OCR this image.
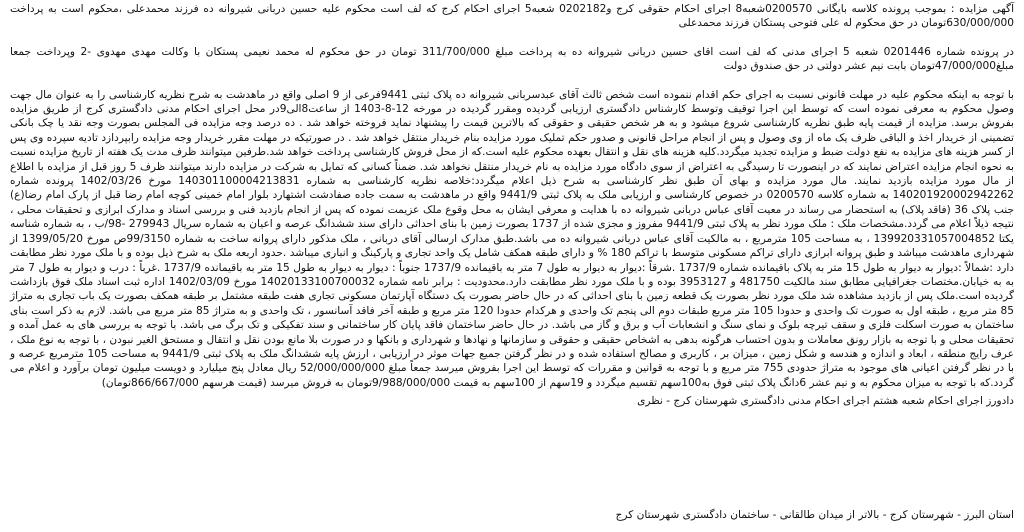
آگهی مزایده : بموجب پرونده کلاسه بایگانی 0200570شعبه8 اجرای احکام حقوقی کرج و0202182 شعبه5 اجرای احکام کرج که لف است محکوم علیه حسین دربانی شیروانه ده فرزند محمدعلی ،محکوم است به پرداخت 630/000/000تومان در حق محکوم له علی فتوحی پستکان فرزند محمدعلی

در پرونده شماره 0201446 شعبه 5 اجرای مدنی که لف است اقای حسین دربانی شیروانه ده به پرداخت مبلغ 311/700/000 تومان در حق محکوم له محمد نعیمی پستکان با وکالت مهدی مهدوی -2 وپرداخت جمعا مبلغ47/000/000تومان بابت نیم عشر دولتی در حق صندوق دولت

با توجه به اینکه محکوم علیه در مهلت قانونی نسبت به اجرای حکم اقدام ننموده است شخص ثالث آقای عبدسربانی شیروانه ده پلاک ثبتی 9441فرعی از 9 اصلی واقع در ماهدشت به شرح نظریه کارشناسی را به عنوان مال جهت وصول محکوم به معرفی نموده است که توسط این اجرا توقیف وتوسط کارشناس دادگستری ارزیابی گردیده ومقرر گردیده در مورخه 12-8-1403 از ساعت8الی9در محل اجرای احکام مدنی دادگستری کرج از طریق مزایده بفروش برسد. مزایده از قیمت پایه طبق نظریه کارشناسی شروع میشود و به هر شخص حقیقی و حقوقی که بالاترین قیمت را پیشنهاد نماید فروخته خواهد شد . ده درصد وجه مزایده فی المجلس بصورت وجه نقد یا چک بانکی تضمینی از خریدار اخذ و الباقی ظرف یک ماه از وی وصول و پس از انجام مراحل قانونی و صدور حکم تملیک مورد مزایده بنام خریدار منتقل خواهد شد . در صورتیکه در مهلت مقرر خریدار وجه مزایده رابپردازد تادیه سپرده وی پس از کسر هزینه های مزایده به نفع دولت ضبط و مزایده تجدید میگردد.کلیه هزینه های نقل و انتقال بعهده محکوم علیه است.که از محل فروش کارشناسی پرداخت خواهد شد.طرفین میتوانند ظرف مدت یک هفته از تاریخ مزایده نسبت به نحوه انجام مزایده اعتراض نمایند که در اینصورت تا رسیدگی به اعتراض از سوی دادگاه مورد مزایده به نام خریدار منتقل نخواهد شد. ضمناً کسانی که تمایل به شرکت در مزایده دارند میتوانند ظرف 5 روز قبل از مزایده با اطلاع از مال مورد مزایده بازدید نمایند. مال مورد مزایده و بهای آن طبق نظر کارشناسی به شرح ذیل اعلام میگردد:خلاصه نظریه کارشناسی به شماره 140301100004213831 مورخ 1402/03/26 پرونده شماره 140201920002942262 به شماره کلاسه 0200570 در خصوص کارشناسی و ارزیابی ملک به پلاک ثبتی 9441/9 واقع در ماهدشت به سمت جاده صفادشت اشتهارد بلوار امام خمینی کوچه امام رضا قبل از پارک امام رضا(ع) جنب پلاک 36 (فاقد پلاک) به استحضار می رساند در معیت آقای عباس دربانی شیروانه ده با هدایت و معرفی ایشان به محل وقوع ملک عزیمت نموده که پس از انجام بازدید فنی و بررسی اسناد و مدارک ابرازی و تحقیقات محلی ، نتیجه ذیلاً اعلام می گردد.مشخصات ملک : ملک مورد نظر به پلاک ثبتی 9441/9 مفروز و مجزی شده از 1737 بصورت زمین با بنای احداثی دارای سند ششدانگ عرصه و اعیان به شماره سریال 279943 -98/ب ، به شماره شناسه یکتا 139920331057004852 ، به مساحت 105 مترمربع ، به مالکیت آقای عباس دربانی شیروانه ده می باشد.طبق مدارک ارسالی آقای دربانی ، ملک مذکور دارای پروانه ساخت به شماره 99/3150ص مورخ 1399/05/20 از شهرداری ماهدشت میباشد و طبق پروانه ابرازی دارای تراکم مسکونی متوسط با تراکم 180 % و دارای طبقه همکف شامل یک واحد تجاری و پارکینگ و انباری میباشد .حدود اربعه ملک به شرح ذیل بوده و با ملک مورد نظر مطابقت دارد :شمالاً :دیوار به دیوار به طول 15 متر به پلاک باقیمانده شماره 1737/9 .شرقاً :دیوار به دیوار به طول 7 متر به باقیمانده 1737/9 جنوباً : دیوار به دیوار به طول 15 متر به باقیمانده 1737/9 .غرباً : درب و دیوار به طول 7 متر به به خیابان.مختصات جغرافیایی مطابق سند مالکیت 481750 و 3953127 بوده و با ملک مورد نظر مطابقت دارد.محدودیت : برابر نامه شماره 14020133100700032 مورخ 1402/03/09 اداره ثبت اسناد ملک فوق بازداشت گردیده است.ملک پس از بازدید مشاهده شد ملک مورد نظر بصورت یک قطعه زمین با بنای احداثی که در حال حاضر بصورت یک دستگاه آپارتمان مسکونی تجاری هفت طبقه مشتمل بر طبقه همکف بصورت یک باب تجاری به متراژ 85 متر مربع ، طبقه اول به صورت تک واحدی و حدودا 105 متر مربع طبقات دوم الی پنجم تک واحدی و هرکدام حدودا 120 متر مربع و طبقه آخر فاقد آسانسور ، تک واحدی و به متراژ 85 متر مربع می باشد. لازم به ذکر است بنای ساختمان به صورت اسکلت فلزی و سقف تیرچه بلوک و نمای سنگ و انشعابات آب و برق و گاز می باشد. در حال حاضر ساختمان فاقد پایان کار ساختمانی و سند تفکیکی و تک برگ می باشد. با توجه به بررسی های به عمل آمده و تحقیقات محلی و با توجه به بازار رونق معاملات و بدون احتساب هرگونه بدهی به اشخاص حقیقی و حقوقی و سازمانها و نهادها و شهرداری و بانکها و در صورت بلا مانع بودن نقل و انتقال و مستحق الغیر نبودن ، با توجه به نوع ملک ، عرف رایج منطقه ، ابعاد و اندازه و هندسه و شکل زمین ، میزان بر ، کاربری و مصالح استفاده شده و در نظر گرفتن جمیع جهات موثر در ارزیابی ، ارزش پایه ششدانگ ملک به پلاک ثبتی 9441/9 به مساحت 105 مترمربع عرصه و با در نظر گرفتن اعیانی های موجود به متراژ حدودی 755 متر مربع و با توجه به قوانین و مقررات که توسط این اجرا بفروش میرسد جمعاً مبلغ 52/000/000/000 ریال معادل پنج میلیارد و دویست میلیون تومان برآورد و اعلام می گردد.که با توجه به میزان محکوم به و نیم عشر 6دانگ پلاک ثبتی فوق به100سهم تقسیم میگردد و 19سهم از 100سهم به قیمت 9/988/000/000تومان به فروش میرسد (قیمت هرسهم 866/667/000تومان)

دادورز اجرای احکام شعبه هشتم اجرای احکام مدنی دادگستری شهرستان کرج - نظری

استان البرز - شهرستان کرج - بالاتر از میدان طالقانی - ساختمان دادگستری شهرستان کرج
